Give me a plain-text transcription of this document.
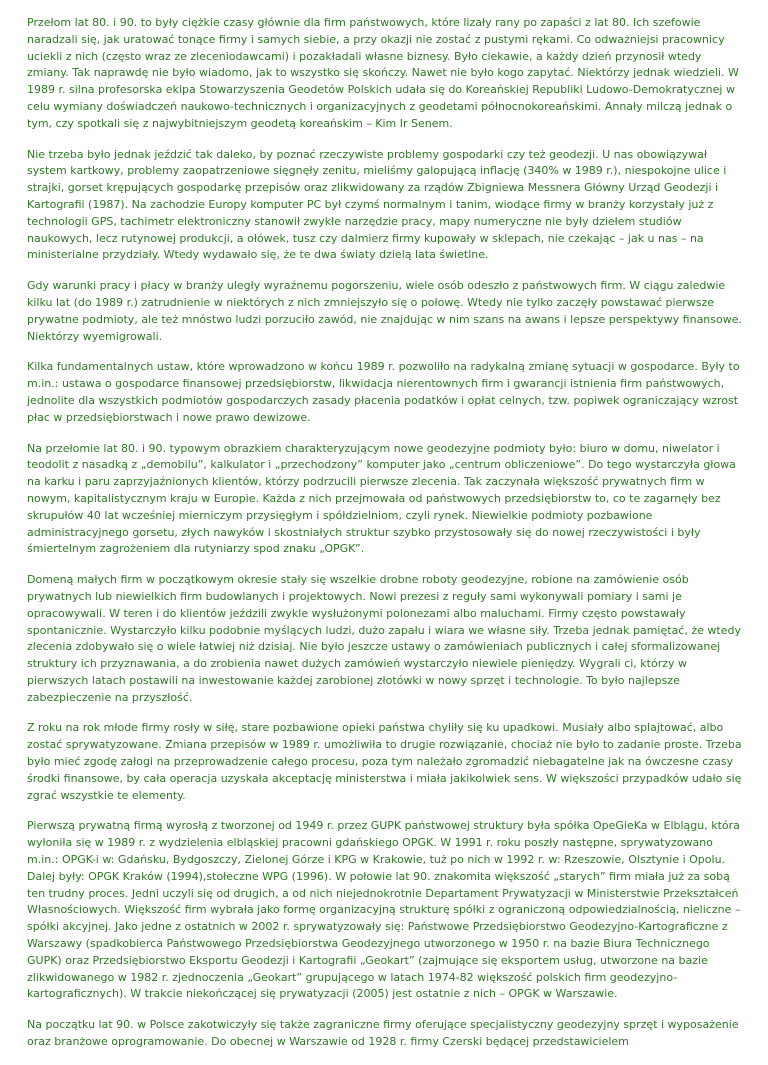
Przełom lat 80. i 90. to były ciężkie czasy głównie dla firm państwowych, które lizały rany po zapaści z lat 80. Ich szefowie naradzali się, jak uratować tonące firmy i samych siebie, a przy okazji nie zostać z pustymi rękami. Co odważniejsi pracownicy uciekli z nich (często wraz ze zleceniodawcami) i pozakładali własne biznesy. Było ciekawie, a każdy dzień przynosił wtedy zmiany. Tak naprawdę nie było wiadomo, jak to wszystko się skończy. Nawet nie było kogo zapytać. Niektórzy jednak wiedzieli. W 1989 r. silna profesorska ekipa Stowarzyszenia Geodetów Polskich udała się do Koreańskiej Republiki Ludowo-Demokratycznej w celu wymiany doświadczeń naukowo-technicznych i organizacyjnych z geodetami północnokoreańskimi. Annały milczą jednak o tym, czy spotkali się z najwybitniejszym geodetą koreańskim – Kim Ir Senem.

Nie trzeba było jednak jeździć tak daleko, by poznać rzeczywiste problemy gospodarki czy też geodezji. U nas obowiązywał system kartkowy, problemy zaopatrzeniowe sięgnęły zenitu, mieliśmy galopującą inflację (340% w 1989 r.), niespokojne ulice i strajki, gorset krępujących gospodarkę przepisów oraz zlikwidowany za rządów Zbigniewa Messnera Główny Urząd Geodezji i Kartografii (1987). Na zachodzie Europy komputer PC był czymś normalnym i tanim, wiodące firmy w branży korzystały już z technologii GPS, tachimetr elektroniczny stanowił zwykłe narzędzie pracy, mapy numeryczne nie były dziełem studiów naukowych, lecz rutynowej produkcji, a ołówek, tusz czy dalmierz firmy kupowały w sklepach, nie czekając – jak u nas – na ministerialne przydziały. Wtedy wydawało się, że te dwa światy dzielą lata świetlne.

Gdy warunki pracy i płacy w branży uległy wyraźnemu pogorszeniu, wiele osób odeszło z państwowych firm. W ciągu zaledwie kilku lat (do 1989 r.) zatrudnienie w niektórych z nich zmniejszyło się o połowę. Wtedy nie tylko zaczęły powstawać pierwsze prywatne podmioty, ale też mnóstwo ludzi porzuciło zawód, nie znajdując w nim szans na awans i lepsze perspektywy finansowe. Niektórzy wyemigrowali.

Kilka fundamentalnych ustaw, które wprowadzono w końcu 1989 r. pozwoliło na radykalną zmianę sytuacji w gospodarce. Były to m.in.: ustawa o gospodarce finansowej przedsiębiorstw, likwidacja nierentownych firm i gwarancji istnienia firm państwowych, jednolite dla wszystkich podmiotów gospodarczych zasady płacenia podatków i opłat celnych, tzw. popiwek ograniczający wzrost płac w przedsiębiorstwach i nowe prawo dewizowe.

Na przełomie lat 80. i 90. typowym obrazkiem charakteryzującym nowe geodezyjne podmioty było: biuro w domu, niwelator i teodolit z nasadką z „demobilu”, kalkulator i „przechodzony” komputer jako „centrum obliczeniowe”. Do tego wystarczyła głowa na karku i paru zaprzyjaźnionych klientów, którzy podrzucili pierwsze zlecenia. Tak zaczynała większość prywatnych firm w nowym, kapitalistycznym kraju w Europie. Każda z nich przejmowała od państwowych przedsiębiorstw to, co te zagarnęły bez skrupułów 40 lat wcześniej mierniczym przysięgłym i spółdzielniom, czyli rynek. Niewielkie podmioty pozbawione administracyjnego gorsetu, złych nawyków i skostniałych struktur szybko przystosowały się do nowej rzeczywistości i były śmiertelnym zagrożeniem dla rutyniarzy spod znaku „OPGK”.

Domeną małych firm w początkowym okresie stały się wszelkie drobne roboty geodezyjne, robione na zamówienie osób prywatnych lub niewielkich firm budowlanych i projektowych. Nowi prezesi z reguły sami wykonywali pomiary i sami je opracowywali. W teren i do klientów jeździli zwykle wysłużonymi polonezami albo maluchami. Firmy często powstawały spontanicznie. Wystarczyło kilku podobnie myślących ludzi, dużo zapału i wiara we własne siły. Trzeba jednak pamiętać, że wtedy zlecenia zdobywało się o wiele łatwiej niż dzisiaj. Nie było jeszcze ustawy o zamówieniach publicznych i całej sformalizowanej struktury ich przyznawania, a do zrobienia nawet dużych zamówień wystarczyło niewiele pieniędzy. Wygrali ci, którzy w pierwszych latach postawili na inwestowanie każdej zarobionej złotówki w nowy sprzęt i technologie. To było najlepsze zabezpieczenie na przyszłość.

Z roku na rok młode firmy rosły w siłę, stare pozbawione opieki państwa chyliły się ku upadkowi. Musiały albo splajtować, albo zostać sprywatyzowane. Zmiana przepisów w 1989 r. umożliwiła to drugie rozwiązanie, chociaż nie było to zadanie proste. Trzeba było mieć zgodę załogi na przeprowadzenie całego procesu, poza tym należało zgromadzić niebagatelne jak na ówczesne czasy środki finansowe, by cała operacja uzyskała akceptację ministerstwa i miała jakikolwiek sens. W większości przypadków udało się zgrać wszystkie te elementy.

Pierwszą prywatną firmą wyrosłą z tworzonej od 1949 r. przez GUPK państwowej struktury była spółka OpeGieKa w Elblągu, która wyłoniła się w 1989 r. z wydzielenia elbląskiej pracowni gdańskiego OPGK. W 1991 r. roku poszły następne, sprywatyzowano m.in.: OPGK-i w: Gdańsku, Bydgoszczy, Zielonej Górze i KPG w Krakowie, tuż po nich w 1992 r. w: Rzeszowie, Olsztynie i Opolu. Dalej były: OPGK Kraków (1994),stołeczne WPG (1996). W połowie lat 90. znakomita większość „starych” firm miała już za sobą ten trudny proces. Jedni uczyli się od drugich, a od nich niejednokrotnie Departament Prywatyzacji w Ministerstwie Przekształceń Własnościowych. Większość firm wybrała jako formę organizacyjną strukturę spółki z ograniczoną odpowiedzialnością, nieliczne – spółki akcyjnej. Jako jedne z ostatnich w 2002 r. sprywatyzowały się: Państwowe Przedsiębiorstwo Geodezyjno-Kartograficzne z Warszawy (spadkobierca Państwowego Przedsiębiorstwa Geodezyjnego utworzonego w 1950 r. na bazie Biura Technicznego GUPK) oraz Przedsiębiorstwo Eksportu Geodezji i Kartografii „Geokart” (zajmujące się eksportem usług, utworzone na bazie zlikwidowanego w 1982 r. zjednoczenia „Geokart” grupującego w latach 1974-82 większość polskich firm geodezyjno-kartograficznych). W trakcie niekończącej się prywatyzacji (2005) jest ostatnie z nich – OPGK w Warszawie.

Na początku lat 90. w Polsce zakotwiczyły się także zagraniczne firmy oferujące specjalistyczny geodezyjny sprzęt i wyposażenie oraz branżowe oprogramowanie. Do obecnej w Warszawie od 1928 r. firmy Czerski będącej przedstawicielem
